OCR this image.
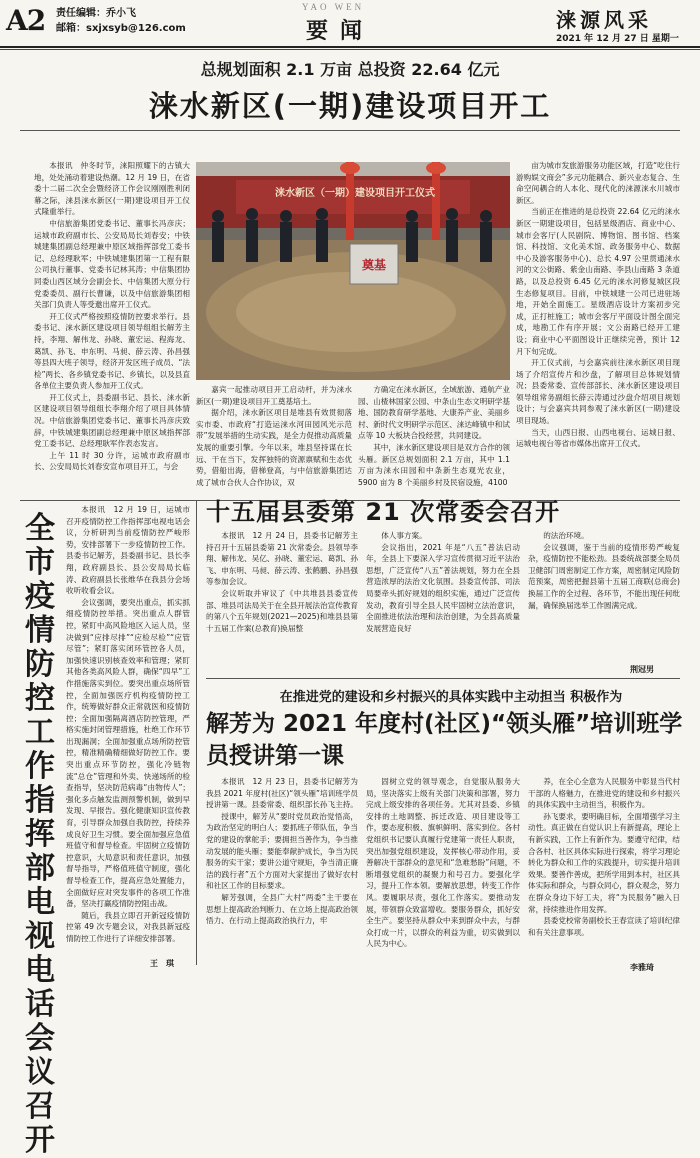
A2 责任编辑：乔小飞
邮箱：sxjxsyb@126.com
YAO WEN
要闻	涞源风采
2021 年 12 月 27 日 星期一
总规划面积 2.1 万亩 总投资 22.64 亿元
涞水新区(一期)建设项目开工

本报讯　仲冬时节，涞阳照耀下的古镇大地，处处涌动着建设热潮。12 月 19 日，在省委十二届二次全会暨经济工作会议刚刚胜利闭幕之际，涞县涞水新区(一期)建设项目开工仪式隆重举行。

中信旅游集团党委书记、董事长冯彦庆；运城市政府副市长、公安局局长刘春安；中铁城建集团副总经理兼中原区域指挥部党工委书记、总经理耿军；中铁城建集团第一工程有限公司执行董事、党委书记林其涛；中信集团协同委山西区域分会副会长、中信集团大原分行党委委员、副行长曹谦，以及中信旅游集团相关部门负责人等受邀出席开工仪式。

开工仪式严格按照疫情防控要求举行。县委书记、涞水新区建设项目领导组组长解芳主持，李翔、解伟龙、孙晓、董宏运、程海龙、葛凯、孙飞、申东明、马昶、薛云涛、孙昌强等县四大班子领导，经济开发区班子成员、“法检”两长、各乡镇党委书记、乡镇长，以及县直各单位主要负责人参加开工仪式。

开工仪式上，县委副书记、县长、涞水新区建设项目领导组组长李翔介绍了项目具体情况。中信旅游集团党委书记、董事长冯彦庆致辞，中铁城建集团副总经理兼中原区域指挥部党工委书记、总经理耿军作表态发言。

上午 11 时 30 分许，运城市政府副市长、公安局局长刘春安宣布项目开工，与会

涞水新区（一期）建设项目开工仪式
奠基

嘉宾一起推动项目开工启动杆，并为涞水新区(一期)建设项目开工奠基培土。

据介绍，涞水新区项目是堆县有效贯彻落实市委、市政府“打造运涞水河田园风光示范带”发展举措的生动实践，是全力促推动高质量发展的重要引擎。今年以来，堆县坚持谋在长远、干在当下，发挥独特的资源禀赋和生态优势，借船出海，借梯登高，与中信旅游集团达成了城市合伙人合作协议，双

方确定在涞水新区，全域旅游、通航产业园、山楂林国家公园、中条山生态文明研学基地、国防教育研学基地、大康养产业、美丽乡村、新时代文明研学示范区、涞达峰镇中和试点等 10 大板块合投经营，共同建设。

其中，涞水新区建设项目是双方合作的领头雁。新区总规划面积 2.1 万亩，其中 1.1 万亩为涞水田园和中条新生态观光农业，5900 亩为 8 个美丽乡村及民宿设施，4100

亩为城市发旅游服务功能区域，打造“吃住行游购娱文商会”多元功能耦合、新兴业态复合、生命空间耦合的人本化、现代化的涞源涞水川城市新区。

当前正在推进的是总投资 22.64 亿元的涞水新区一期建设项目，包括星级酒店、商业中心、城市会客厅(人民剧院、博物馆、图书馆、档案馆、科技馆、文化美术馆、政务服务中心、数据中心及游客服务中心)、总长 4.97 公里贯通涞水河的文公街路、紫金山南路、李县山南路 3 条道路，以及总投资 6.45 亿元的涞水河修复城区段生态修复项目。目前，中铁城建一公司已进驻场地，开始全面施工。星级酒店设计方案初步完成，正打桩施工；城市会客厅平面设计图全面完成，地勘工作有序开展；文公南路已经开工建设；商业中心平面图设计正继续完善，预计 12 月下旬完成。

开工仪式前，与会嘉宾前往涞水新区项目现场了介绍宣传片和沙盘，了解项目总体规划情况；县委常委、宣传部部长、涞水新区建设项目领导组常务副组长薛云涛通过沙盘介绍项目规划设计；与会嘉宾共同参观了涞水新区(一期)建设项目现场。

当天，山西日报、山西电视台、运城日报、运城电视台等省市媒体出席开工仪式。

全市疫情防控工作指挥部电视电话会议召开

本报讯　12 月 19 日，运城市召开疫情防控工作指挥部电视电话会议，分析研判当前疫情防控严峻形势，安排部署下一步疫情防控工作。县委书记解芳，县委副书记、县长李翔，政府副县长、县公安局局长临涛、政府副县长张维华在我县分会场收听收看会议。

会议强调，要突出重点，抓实抓细疫情防控举措。突出重点人群管控，紧盯中高风险地区入运人员，坚决做到“应排尽排”“应检尽检”“应管尽管”；紧盯落实闭环管控各人员，加强快速识别核查效率和管理；紧盯其他各类高风险人群，确保“四早”工作措施落实到位。要突出重点场所管控，全面加强医疗机构疫情防控工作，统筹做好群众正常就医和疫情防控；全面加强隔离酒店防控管理，严格实施封闭管理措施，杜绝工作环节出现漏洞；全面加强重点场所防控管控，精准精确精细做好防控工作。要突出重点环节防控，强化冷链物流“总仓”管理和外卖、快递场所的检查指导，坚决防范病毒“由物传人”；强化多点触发监测预警机制，做到早发现、早报告。强化健康知识宣传教育，引导群众加强自我防控，持续养成良好卫生习惯。要全面加强应急值班值守和督导检查。牢固树立疫情防控意识，大局意识和责任意识，加强督导指导，严格值班值守制度，强化督导检查工作，提高应急处置能力，全面做好应对突发事件的各项工作准备，坚决打赢疫情防控阻击战。

随后，我县立即召开新冠疫情防控第 49 次专题会议，对我县新冠疫情防控工作进行了详细安排部署。

王　琪
十五届县委第 21 次常委会召开

本报讯　12 月 24 日，县委书记解芳主持召开十五届县委第 21 次常委会。县领导李翔、解伟龙、吴亿、孙晓、董宏运、葛凯、孙飞、申东明、马昶、薛云涛、张鹤鹏、孙昌强等参加会议。

会议听取并审议了《中共堆县县委宣传部、堆县司法局关于在全县开展法治宣传教育的第八个五年规划(2021—2025)和堆县县第十五届工作案(总教育)换届整

体人事方案。

会议指出，2021 年是“八五”普法启动年，全县上下要深入学习宣传贯彻习近平法治思想，广泛宣传“八五”普法规划，努力在全县营造浓厚的法治文化氛围。县委宣传部、司法局要牵头抓好规划的组织实施，通过广泛宣传发动，教育引导全县人民牢固树立法治意识，全面推进依法治理和法治创建，为全县高质量发展营造良好

的法治环境。

会议强调，鉴于当前的疫情形势严峻复杂，疫情防控不能松劲。县委统战部要全局员卫健部门周密制定工作方案，周密制定风险防范预案，周密把握县第十五届工商联(总商会)换届工作的全过程、各环节，不能出现任何纰漏，确保换届选举工作圆满完成。

荆冠男
在推进党的建设和乡村振兴的具体实践中主动担当 积极作为
解芳为 2021 年度村(社区)“领头雁”培训班学员授讲第一课

本报讯　12 月 23 日，县委书记解芳为我县 2021 年度村(社区)“领头雁”培训班学员授讲第一课。县委常委、组织部长孙飞主持。

授课中，解芳从“要时党员政治觉悟高，为政治坚定的明白人；要抓班子带队伍，争当党的建设的掌舵手；要拥担当善作为，争当推动发展的能头雁；要能奉献护成长，争当为民服务的实干家；要讲公道守规矩，争当清正廉洁的践行者”五个方面对大家提出了做好农村和社区工作的目标要求。

解芳强调，全县广大村“两委”主干要在思想上提高政治判断力、在立场上提高政治领悟力、在行动上提高政治执行力，牢

固树立党的领导观念，自觉服从服务大局，坚决落实上级有关部门决策和部署，努力完成上级安排的各项任务。尤其对县委、乡镇安排的土地调整、拆迁改造、项目建设等工作，要态度积极、旗帜鲜明、落实到位。各村党组织书记要认真履行党建第一责任人职责，突出加强党组织建设，发挥核心带动作用，妥善解决干部群众的意见和“急难愁盼”问题，不断增强党组织的凝聚力和号召力。要强化学习，提升工作本领。要解放思想，转变工作作风。要履职尽责，强化工作落实。要推动发展，带领群众致富增收。要服务群众，抓好安全生产。要坚持从群众中来到群众中去，与群众打成一片，以群众的利益为重，切实做到以人民为中心。

养，在全心全意为人民服务中彰显当代村干部的人格魅力，在推进党的建设和乡村振兴的具体实践中主动担当，积极作为。

孙飞要求，要明确目标，全面增强学习主动性。真正做在自觉认识上有新提高，理论上有新实践，工作上有新作为。要遵守纪律，结合各村、社区具体实际进行探索，将学习理论转化为群众和工作的实践提升，切实提升培训效果。要善作善成，把所学用到本村，社区具体实际和群众，与群众同心，群众观念，努力在群众身边下好工夫，将“为民服务”融入日常，持续推进作用发挥。

县委党校常务副校长王春宣读了培训纪律和有关注意事项。

李雅琦
